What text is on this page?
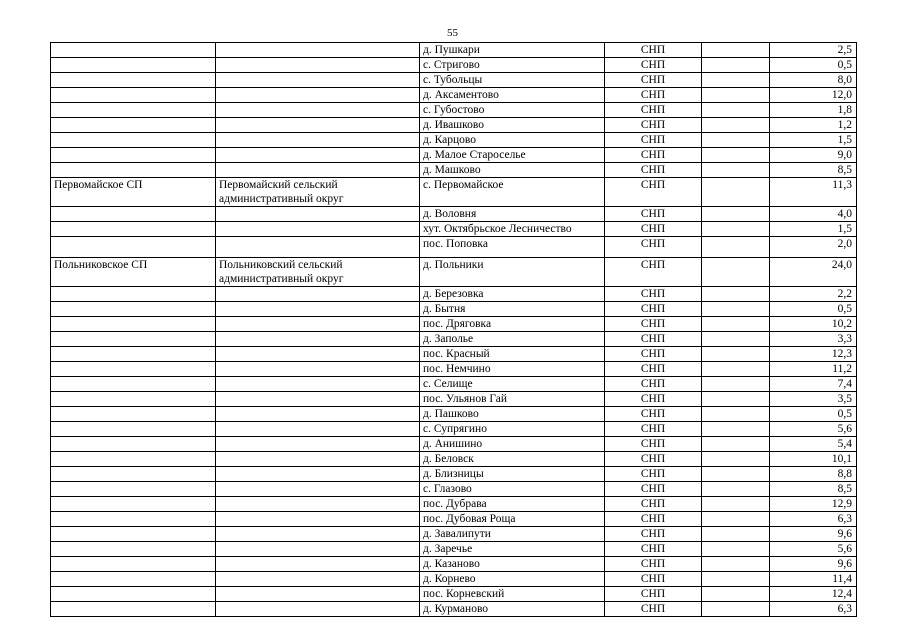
55
		д. Пушкари	СНП		2,5
		с. Стригово	СНП		0,5
		с. Тубольцы	СНП		8,0
		д. Аксаментово	СНП		12,0
		с. Губостово	СНП		1,8
		д. Ивашково	СНП		1,2
		д. Карцово	СНП		1,5
		д. Малое Староселье	СНП		9,0
		д. Машково	СНП		8,5
Первомайское СП	Первомайский сельский административный округ	с. Первомайское	СНП		11,3
		д. Воловня	СНП		4,0
		хут. Октябрьское Лесничество	СНП		1,5
		пос. Поповка	СНП		2,0
Польниковское СП	Польниковский сельский административный округ	д. Польники	СНП		24,0
		д. Березовка	СНП		2,2
		д. Бытня	СНП		0,5
		пос. Дряговка	СНП		10,2
		д. Заполье	СНП		3,3
		пос. Красный	СНП		12,3
		пос. Немчино	СНП		11,2
		с. Селище	СНП		7,4
		пос. Ульянов Гай	СНП		3,5
		д. Пашково	СНП		0,5
		с. Супрягино	СНП		5,6
		д. Анишино	СНП		5,4
		д. Беловск	СНП		10,1
		д. Близницы	СНП		8,8
		с. Глазово	СНП		8,5
		пос. Дубрава	СНП		12,9
		пос. Дубовая Роща	СНП		6,3
		д. Завалипути	СНП		9,6
		д. Заречье	СНП		5,6
		д. Казаново	СНП		9,6
		д. Корнево	СНП		11,4
		пос. Корневский	СНП		12,4
		д. Курманово	СНП		6,3
